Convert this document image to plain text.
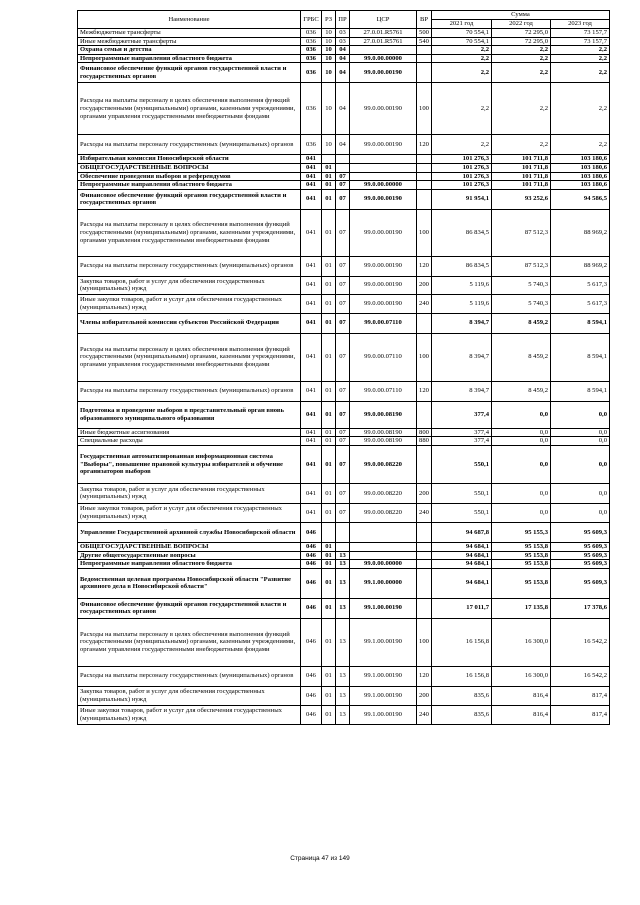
Наименование	ГРБС	РЗ	ПР	ЦСР	ВР	Сумма		
						2021 год	2022 год	2023 год
Межбюджетные трансферты	036	10	03	27.0.01.R5761	500	70 554,1	72 295,0	73 157,7
Иные межбюджетные трансферты	036	10	03	27.0.01.R5761	540	70 554,1	72 295,0	73 157,7
Охрана семьи и детства	036	10	04			2,2	2,2	2,2
Непрограммные направления областного бюджета	036	10	04	99.0.00.00000		2,2	2,2	2,2
Финансовое обеспечение функций органов государственной власти и государственных органов	036	10	04	99.0.00.00190		2,2	2,2	2,2
Расходы на выплаты персоналу в целях обеспечения выполнения функций государственными (муниципальными) органами, казенными учреждениями, органами управления государственными внебюджетными фондами	036	10	04	99.0.00.00190	100	2,2	2,2	2,2
Расходы на выплаты персоналу государственных (муниципальных) органов	036	10	04	99.0.00.00190	120	2,2	2,2	2,2
Избирательная комиссия Новосибирской области	041					101 276,3	101 711,8	103 180,6
ОБЩЕГОСУДАРСТВЕННЫЕ ВОПРОСЫ	041	01				101 276,3	101 711,8	103 180,6
Обеспечение проведения выборов и референдумов	041	01	07			101 276,3	101 711,8	103 180,6
Непрограммные направления областного бюджета	041	01	07	99.0.00.00000		101 276,3	101 711,8	103 180,6
Финансовое обеспечение функций органов государственной власти и государственных органов	041	01	07	99.0.00.00190		91 954,1	93 252,6	94 586,5
Расходы на выплаты персоналу в целях обеспечения выполнения функций государственными (муниципальными) органами, казенными учреждениями, органами управления государственными внебюджетными фондами	041	01	07	99.0.00.00190	100	86 834,5	87 512,3	88 969,2
Расходы на выплаты персоналу государственных (муниципальных) органов	041	01	07	99.0.00.00190	120	86 834,5	87 512,3	88 969,2
Закупка товаров, работ и услуг для обеспечения государственных (муниципальных) нужд	041	01	07	99.0.00.00190	200	5 119,6	5 740,3	5 617,3
Иные закупки товаров, работ и услуг для обеспечения государственных (муниципальных) нужд	041	01	07	99.0.00.00190	240	5 119,6	5 740,3	5 617,3
Члены избирательной комиссии субъектов Российской Федерации	041	01	07	99.0.00.07110		8 394,7	8 459,2	8 594,1
Расходы на выплаты персоналу в целях обеспечения выполнения функций государственными (муниципальными) органами, казенными учреждениями, органами управления государственными внебюджетными фондами	041	01	07	99.0.00.07110	100	8 394,7	8 459,2	8 594,1
Расходы на выплаты персоналу государственных (муниципальных) органов	041	01	07	99.0.00.07110	120	8 394,7	8 459,2	8 594,1
Подготовка и проведение выборов в представительный орган вновь образованного муниципального образования	041	01	07	99.0.00.08190		377,4	0,0	0,0
Иные бюджетные ассигнования	041	01	07	99.0.00.08190	800	377,4	0,0	0,0
Специальные расходы	041	01	07	99.0.00.08190	880	377,4	0,0	0,0
Государственная автоматизированная информационная система "Выборы", повышение правовой культуры избирателей и обучение организаторов выборов	041	01	07	99.0.00.08220		550,1	0,0	0,0
Закупка товаров, работ и услуг для обеспечения государственных (муниципальных) нужд	041	01	07	99.0.00.08220	200	550,1	0,0	0,0
Иные закупки товаров, работ и услуг для обеспечения государственных (муниципальных) нужд	041	01	07	99.0.00.08220	240	550,1	0,0	0,0
Управление Государственной архивной службы Новосибирской области	046					94 687,8	95 155,3	95 609,3
ОБЩЕГОСУДАРСТВЕННЫЕ ВОПРОСЫ	046	01				94 684,1	95 153,8	95 609,3
Другие общегосударственные вопросы	046	01	13			94 684,1	95 153,8	95 609,3
Непрограммные направления областного бюджета	046	01	13	99.0.00.00000		94 684,1	95 153,8	95 609,3
Ведомственная целевая программа Новосибирской области "Развитие архивного дела в Новосибирской области"	046	01	13	99.1.00.00000		94 684,1	95 153,8	95 609,3
Финансовое обеспечение функций органов государственной власти и государственных органов	046	01	13	99.1.00.00190		17 011,7	17 135,8	17 378,6
Расходы на выплаты персоналу в целях обеспечения выполнения функций государственными (муниципальными) органами, казенными учреждениями, органами управления государственными внебюджетными фондами	046	01	13	99.1.00.00190	100	16 156,8	16 300,0	16 542,2
Расходы на выплаты персоналу государственных (муниципальных) органов	046	01	13	99.1.00.00190	120	16 156,8	16 300,0	16 542,2
Закупка товаров, работ и услуг для обеспечения государственных (муниципальных) нужд	046	01	13	99.1.00.00190	200	835,6	816,4	817,4
Иные закупки товаров, работ и услуг для обеспечения государственных (муниципальных) нужд	046	01	13	99.1.00.00190	240	835,6	816,4	817,4
Страница 47 из 149
